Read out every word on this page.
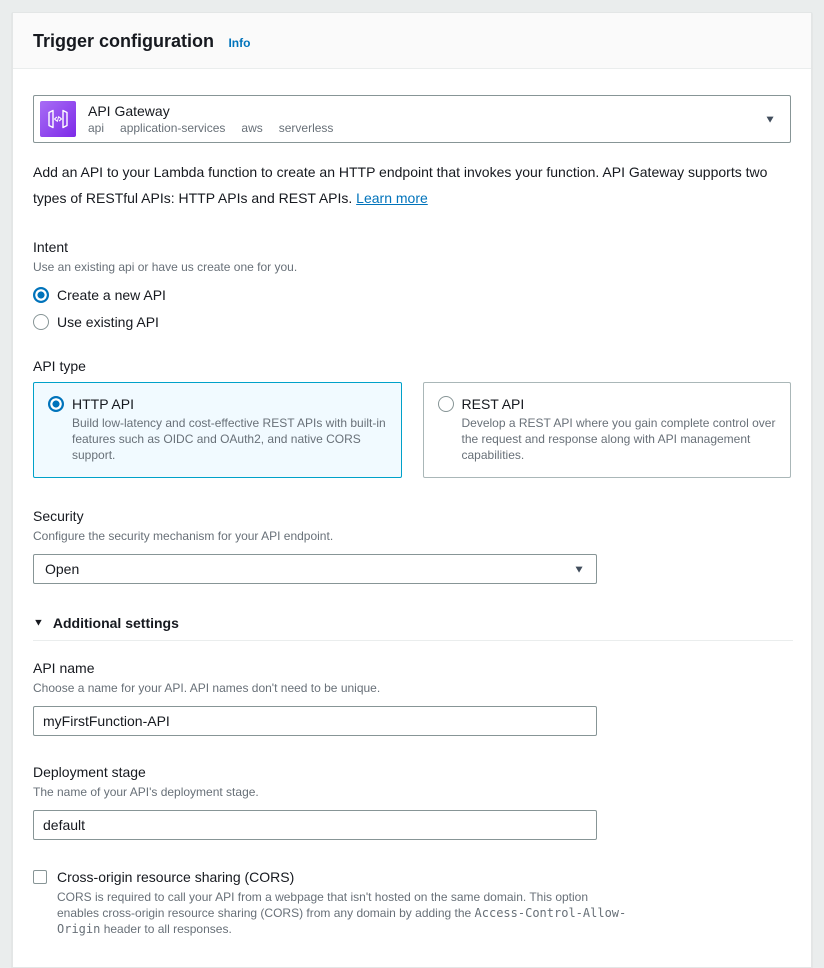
Trigger configuration Info
API Gateway
api application-services aws serverless
▼

Add an API to your Lambda function to create an HTTP endpoint that invokes your function. API Gateway supports two types of RESTful APIs: HTTP APIs and REST APIs. Learn more

Intent
Use an existing api or have us create one for you.
Create a new API
Use existing API
API type
HTTP API
Build low-latency and cost-effective REST APIs with built-in features such as OIDC and OAuth2, and native CORS support.
REST API
Develop a REST API where you gain complete control over the request and response along with API management capabilities.
Security
Configure the security mechanism for your API endpoint.
Open	▼
▼ Additional settings
API name
Choose a name for your API. API names don't need to be unique.
myFirstFunction-API
Deployment stage
The name of your API's deployment stage.
default
Cross-origin resource sharing (CORS)
CORS is required to call your API from a webpage that isn't hosted on the same domain. This option enables cross-origin resource sharing (CORS) from any domain by adding the Access-Control-Allow-Origin header to all responses.
